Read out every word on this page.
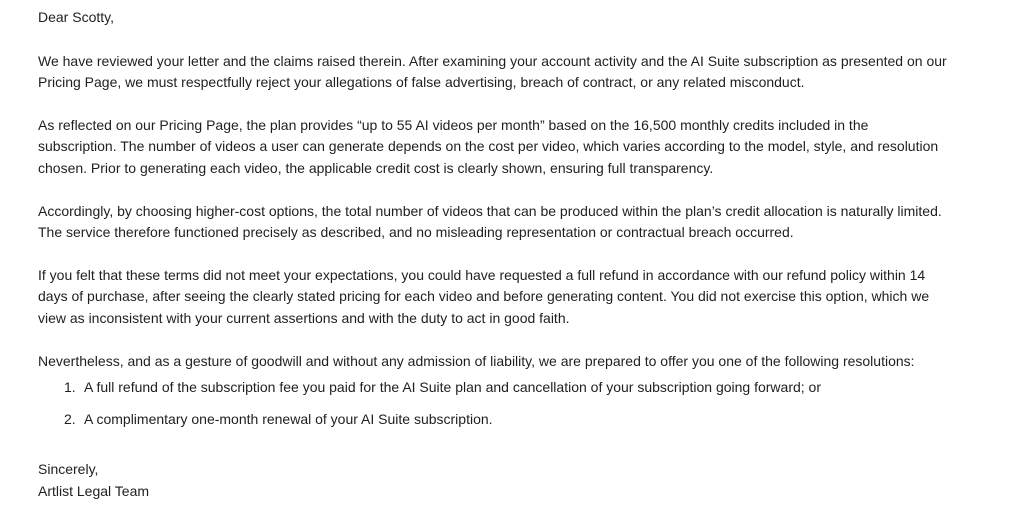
Dear Scotty,

We have reviewed your letter and the claims raised therein. After examining your account activity and the AI Suite subscription as presented on our

Pricing Page, we must respectfully reject your allegations of false advertising, breach of contract, or any related misconduct.

As reflected on our Pricing Page, the plan provides “up to 55 AI videos per month” based on the 16,500 monthly credits included in the

subscription. The number of videos a user can generate depends on the cost per video, which varies according to the model, style, and resolution

chosen. Prior to generating each video, the applicable credit cost is clearly shown, ensuring full transparency.

Accordingly, by choosing higher-cost options, the total number of videos that can be produced within the plan’s credit allocation is naturally limited.

The service therefore functioned precisely as described, and no misleading representation or contractual breach occurred.

If you felt that these terms did not meet your expectations, you could have requested a full refund in accordance with our refund policy within 14

days of purchase, after seeing the clearly stated pricing for each video and before generating content. You did not exercise this option, which we

view as inconsistent with your current assertions and with the duty to act in good faith.

Nevertheless, and as a gesture of goodwill and without any admission of liability, we are prepared to offer you one of the following resolutions:

1. A full refund of the subscription fee you paid for the AI Suite plan and cancellation of your subscription going forward; or
2. A complimentary one-month renewal of your AI Suite subscription.

Sincerely,

Artlist Legal Team
